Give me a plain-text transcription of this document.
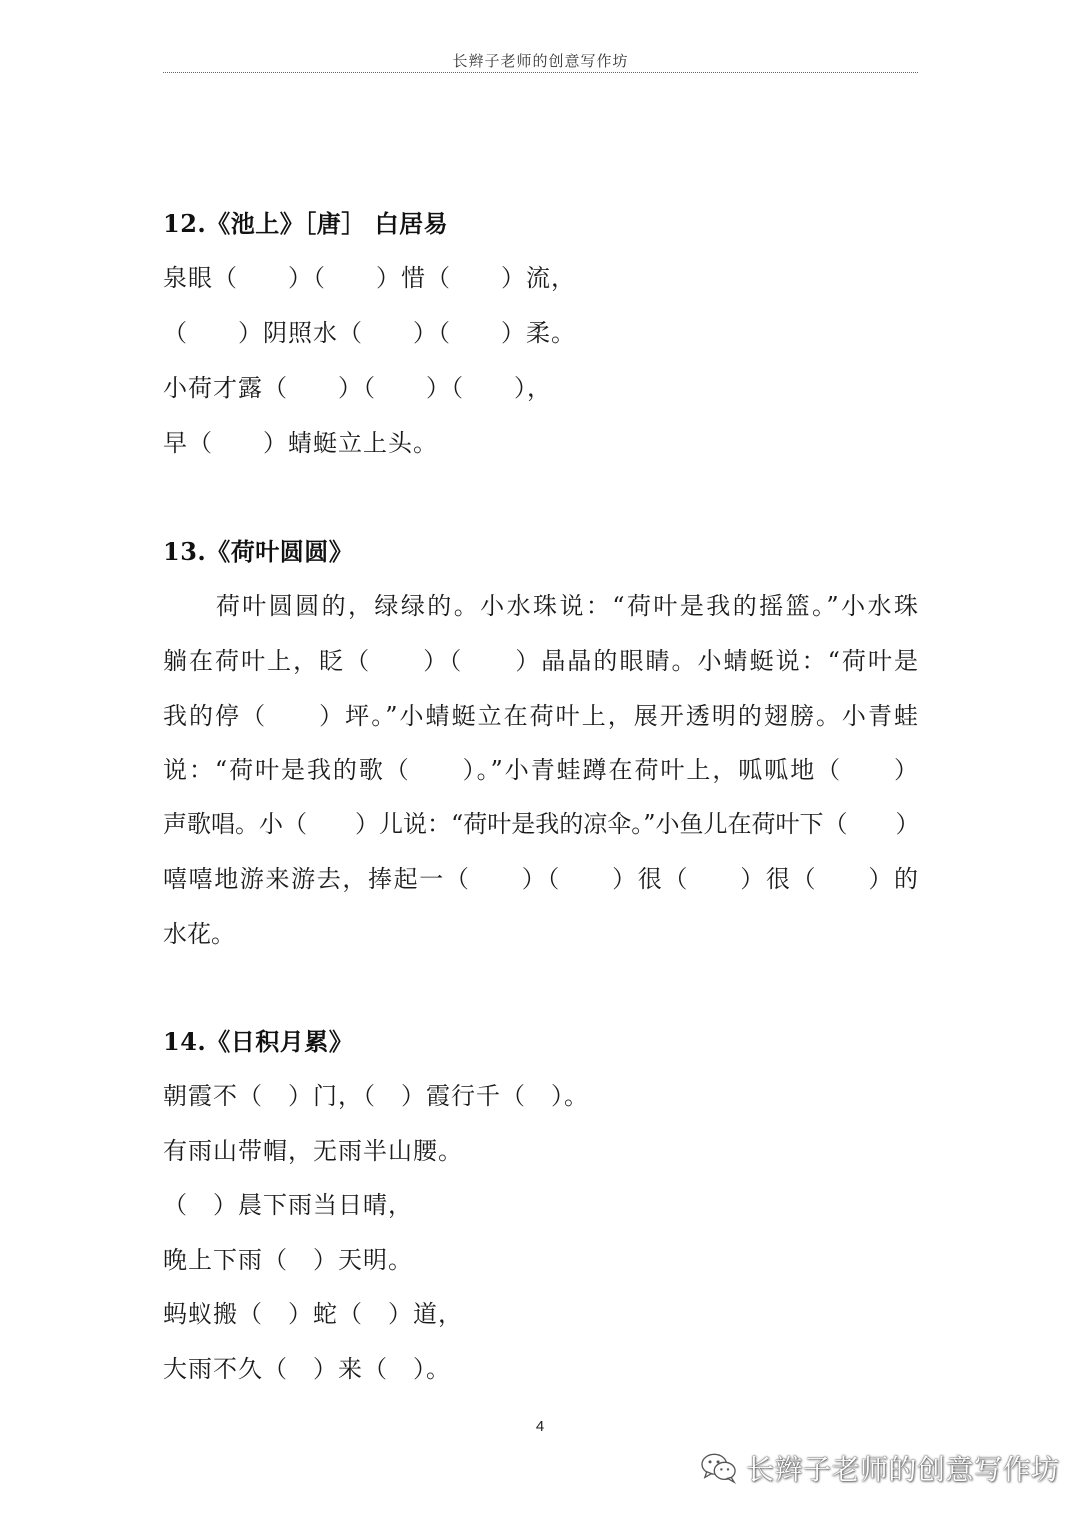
长辫子老师的创意写作坊
12.《池上》［唐］ 白居易
泉眼（　　）（　　）惜（　　）流，
（　　）阴照水（　　）（　　）柔。
小荷才露（　　）（　　）（　　），
早（　　）蜻蜓立上头。
13.《荷叶圆圆》
　　荷叶圆圆的，绿绿的。小水珠说：“荷叶是我的摇篮。”小水珠
躺在荷叶上，眨（　　）（　　）晶晶的眼睛。小蜻蜓说：“荷叶是
我的停（　　）坪。”小蜻蜓立在荷叶上，展开透明的翅膀。小青蛙
说：“荷叶是我的歌（　　）。”小青蛙蹲在荷叶上，呱呱地（　　）
声歌唱。小（　　）儿说：“荷叶是我的凉伞。”小鱼儿在荷叶下（　　）
嘻嘻地游来游去，捧起一（　　）（　　）很（　　）很（　　）的
水花。
14.《日积月累》
朝霞不（　）门，（　）霞行千（　）。
有雨山带帽，无雨半山腰。
（　）晨下雨当日晴，
晚上下雨（　）天明。
蚂蚁搬（　）蛇（　）道，
大雨不久（　）来（　）。
4
长辫子老师的创意写作坊
